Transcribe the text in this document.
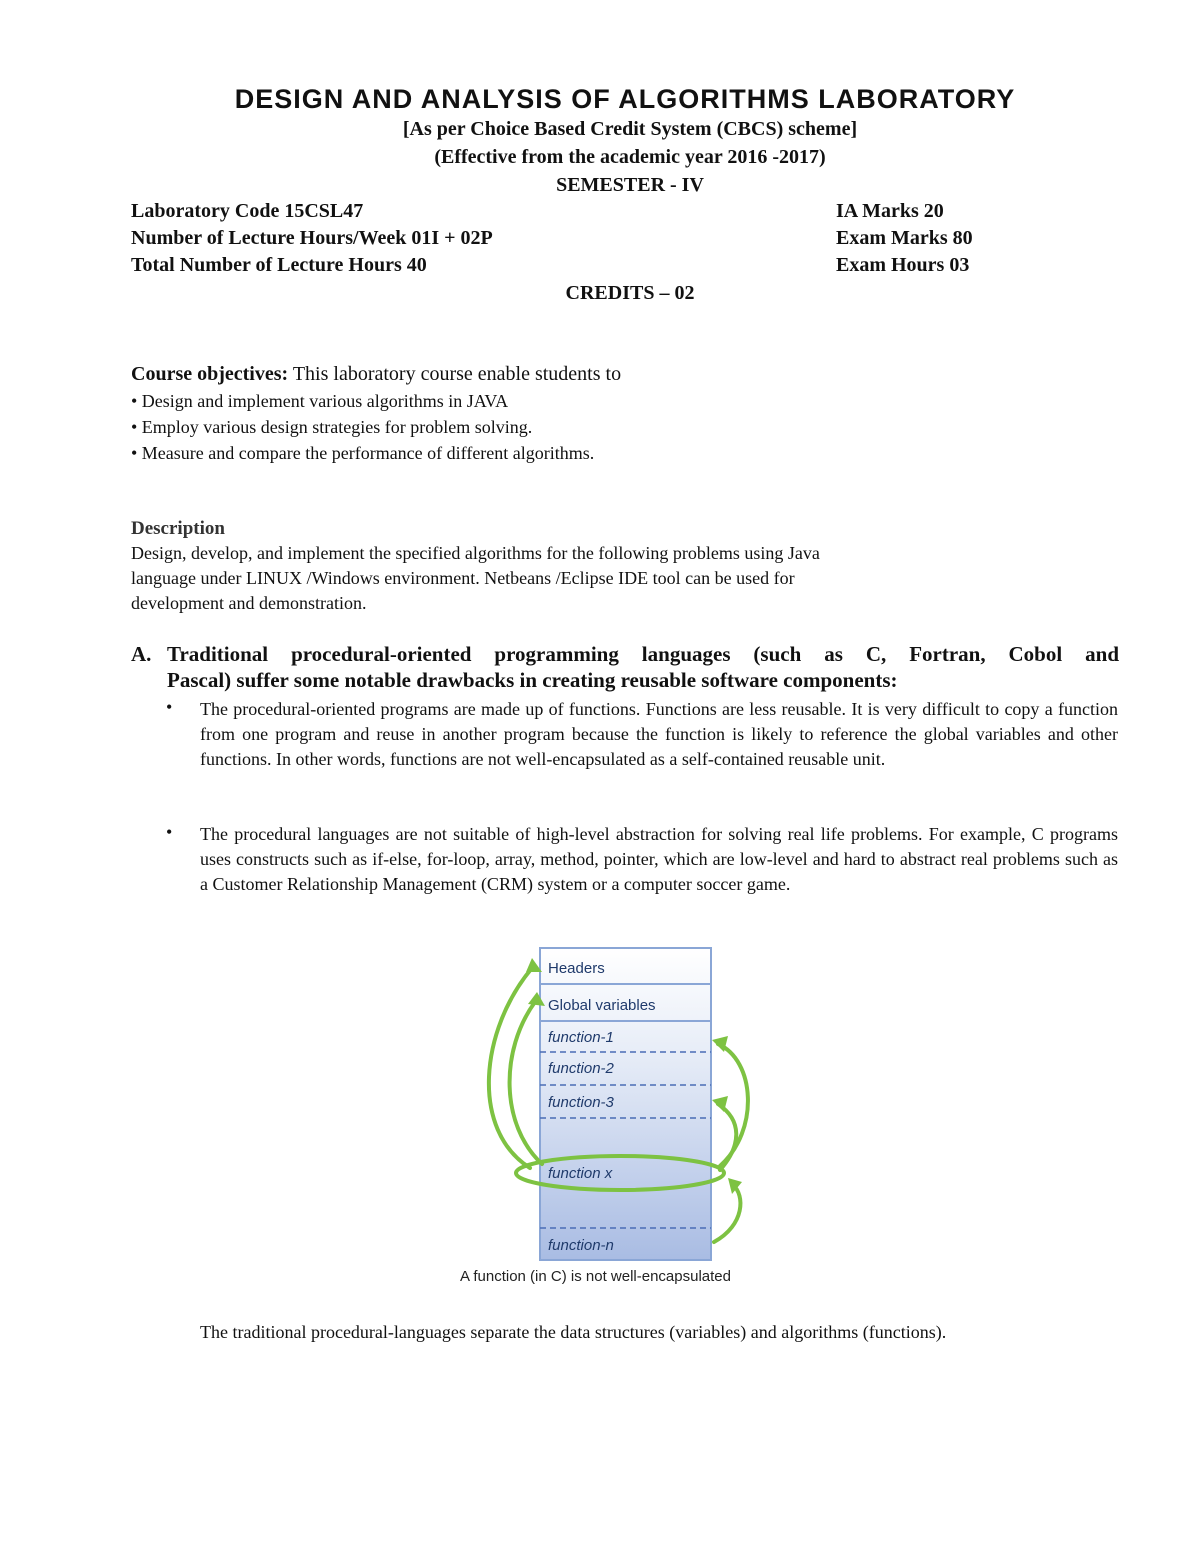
DESIGN AND ANALYSIS OF ALGORITHMS LABORATORY
[As per Choice Based Credit System (CBCS) scheme]
(Effective from the academic year 2016 -2017)
SEMESTER - IV
Laboratory Code 15CSL47
Number of Lecture Hours/Week 01I + 02P
Total Number of Lecture Hours 40
IA Marks 20
Exam Marks 80
Exam Hours 03
CREDITS – 02
Course objectives: This laboratory course enable students to
• Design and implement various algorithms in JAVA
• Employ various design strategies for problem solving.
• Measure and compare the performance of different algorithms.
Description
Design, develop, and implement the specified algorithms for the following problems using Java
language under LINUX /Windows environment. Netbeans /Eclipse IDE tool can be used for
development and demonstration.
A. Traditional procedural-oriented programming languages (such as C, Fortran, Cobol and
Pascal) suffer some notable drawbacks in creating reusable software components:
• The procedural-oriented programs are made up of functions. Functions are less reusable. It is very difficult to copy a function from one program and reuse in another program because the function is likely to reference the global variables and other functions. In other words, functions are not well-encapsulated as a self-contained reusable unit.
• The procedural languages are not suitable of high-level abstraction for solving real life problems. For example, C programs uses constructs such as if-else, for-loop, array, method, pointer, which are low-level and hard to abstract real problems such as a Customer Relationship Management (CRM) system or a computer soccer game.
Headers
Global variables
function-1
function-2
function-3
function x
function-n
A function (in C) is not well-encapsulated
The traditional procedural-languages separate the data structures (variables) and algorithms (functions).
